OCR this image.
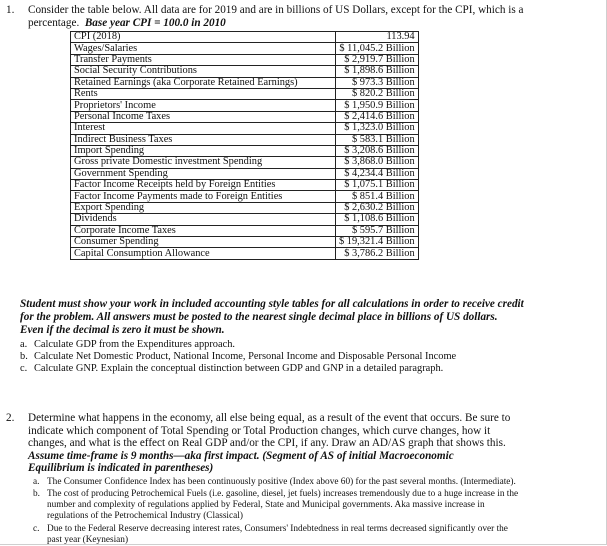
1. Consider the table below. All data are for 2019 and are in billions of US Dollars, except for the CPI, which is a
percentage. Base year CPI = 100.0 in 2010
CPI (2018)	113.94
Wages/Salaries	$ 11,045.2 Billion
Transfer Payments	$ 2,919.7 Billion
Social Security Contributions	$ 1,898.6 Billion
Retained Earnings (aka Corporate Retained Earnings)	$ 973.3 Billion
Rents	$ 820.2 Billion
Proprietors' Income	$ 1,950.9 Billion
Personal Income Taxes	$ 2,414.6 Billion
Interest	$ 1,323.0 Billion
Indirect Business Taxes	$ 583.1 Billion
Import Spending	$ 3,208.6 Billion
Gross private Domestic investment Spending	$ 3,868.0 Billion
Government Spending	$ 4,234.4 Billion
Factor Income Receipts held by Foreign Entities	$ 1,075.1 Billion
Factor Income Payments made to Foreign Entities	$ 851.4 Billion
Export Spending	$ 2,630.2 Billion
Dividends	$ 1,108.6 Billion
Corporate Income Taxes	$ 595.7 Billion
Consumer Spending	$ 19,321.4 Billion
Capital Consumption Allowance	$ 3,786.2 Billion
Student must show your work in included accounting style tables for all calculations in order to receive credit
for the problem. All answers must be posted to the nearest single decimal place in billions of US dollars.
Even if the decimal is zero it must be shown.
a. Calculate GDP from the Expenditures approach.
b. Calculate Net Domestic Product, National Income, Personal Income and Disposable Personal Income
c. Calculate GNP. Explain the conceptual distinction between GDP and GNP in a detailed paragraph.
2. Determine what happens in the economy, all else being equal, as a result of the event that occurs. Be sure to
indicate which component of Total Spending or Total Production changes, which curve changes, how it
changes, and what is the effect on Real GDP and/or the CPI, if any. Draw an AD/AS graph that shows this.
Assume time-frame is 9 months—aka first impact. (Segment of AS of initial Macroeconomic
Equilibrium is indicated in parentheses)
a. The Consumer Confidence Index has been continuously positive (Index above 60) for the past several months. (Intermediate).
b. The cost of producing Petrochemical Fuels (i.e. gasoline, diesel, jet fuels) increases tremendously due to a huge increase in the
number and complexity of regulations applied by Federal, State and Municipal governments. Aka massive increase in
regulations of the Petrochemical Industry (Classical)
c. Due to the Federal Reserve decreasing interest rates, Consumers' Indebtedness in real terms decreased significantly over the
past year (Keynesian)
